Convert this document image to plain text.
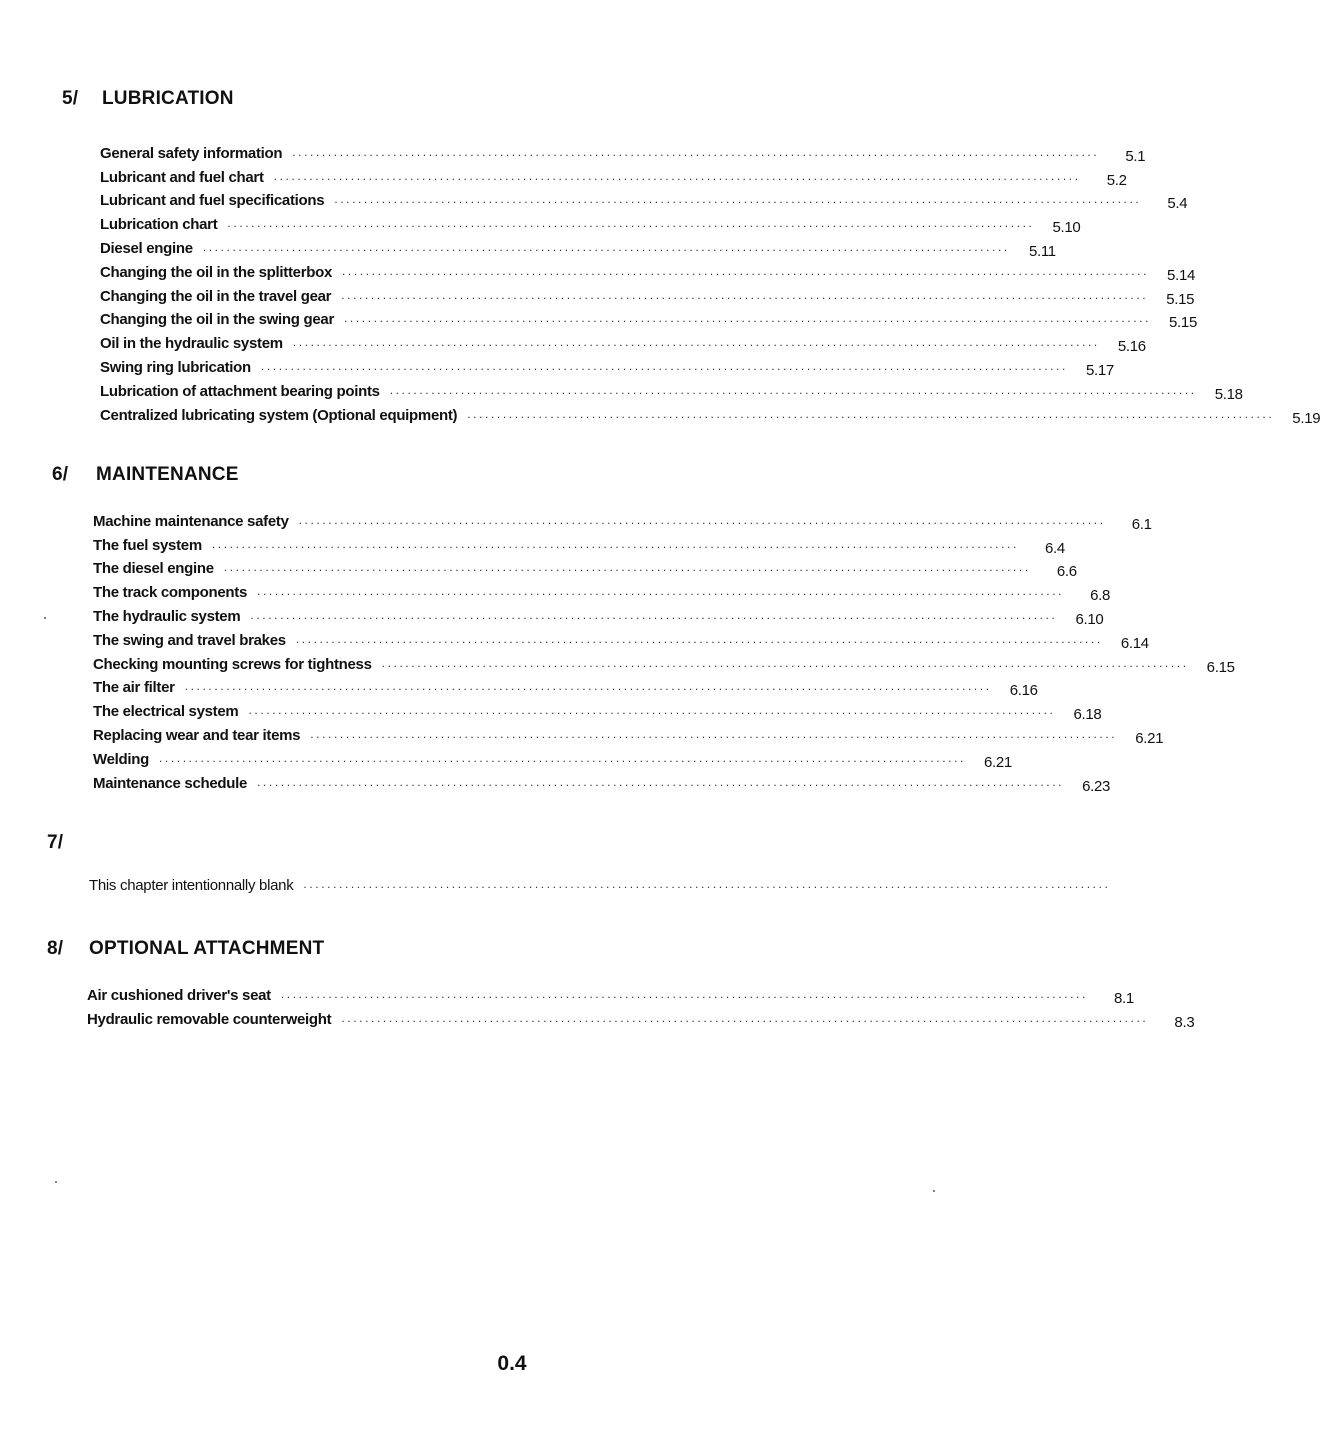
5/ LUBRICATION
General safety information ........................................................................................................................................	5.1
Lubricant and fuel chart ........................................................................................................................................	5.2
Lubricant and fuel specifications ........................................................................................................................................	5.4
Lubrication chart ........................................................................................................................................	5.10
Diesel engine ........................................................................................................................................	5.11
Changing the oil in the splitterbox ........................................................................................................................................	5.14
Changing the oil in the travel gear ........................................................................................................................................	5.15
Changing the oil in the swing gear ........................................................................................................................................	5.15
Oil in the hydraulic system ........................................................................................................................................	5.16
Swing ring lubrication ........................................................................................................................................	5.17
Lubrication of attachment bearing points ........................................................................................................................................	5.18
Centralized lubricating system (Optional equipment) ........................................................................................................................................	5.19
6/ MAINTENANCE
Machine maintenance safety ........................................................................................................................................	6.1
The fuel system ........................................................................................................................................	6.4
The diesel engine ........................................................................................................................................	6.6
The track components ........................................................................................................................................	6.8
The hydraulic system ........................................................................................................................................	6.10
The swing and travel brakes ........................................................................................................................................	6.14
Checking mounting screws for tightness ........................................................................................................................................	6.15
The air filter ........................................................................................................................................	6.16
The electrical system ........................................................................................................................................	6.18
Replacing wear and tear items ........................................................................................................................................	6.21
Welding ........................................................................................................................................	6.21
Maintenance schedule ........................................................................................................................................	6.23
7/
This chapter intentionnally blank ........................................................................................................................................
8/ OPTIONAL ATTACHMENT
Air cushioned driver's seat ........................................................................................................................................	8.1
Hydraulic removable counterweight ........................................................................................................................................	8.3
0.4
